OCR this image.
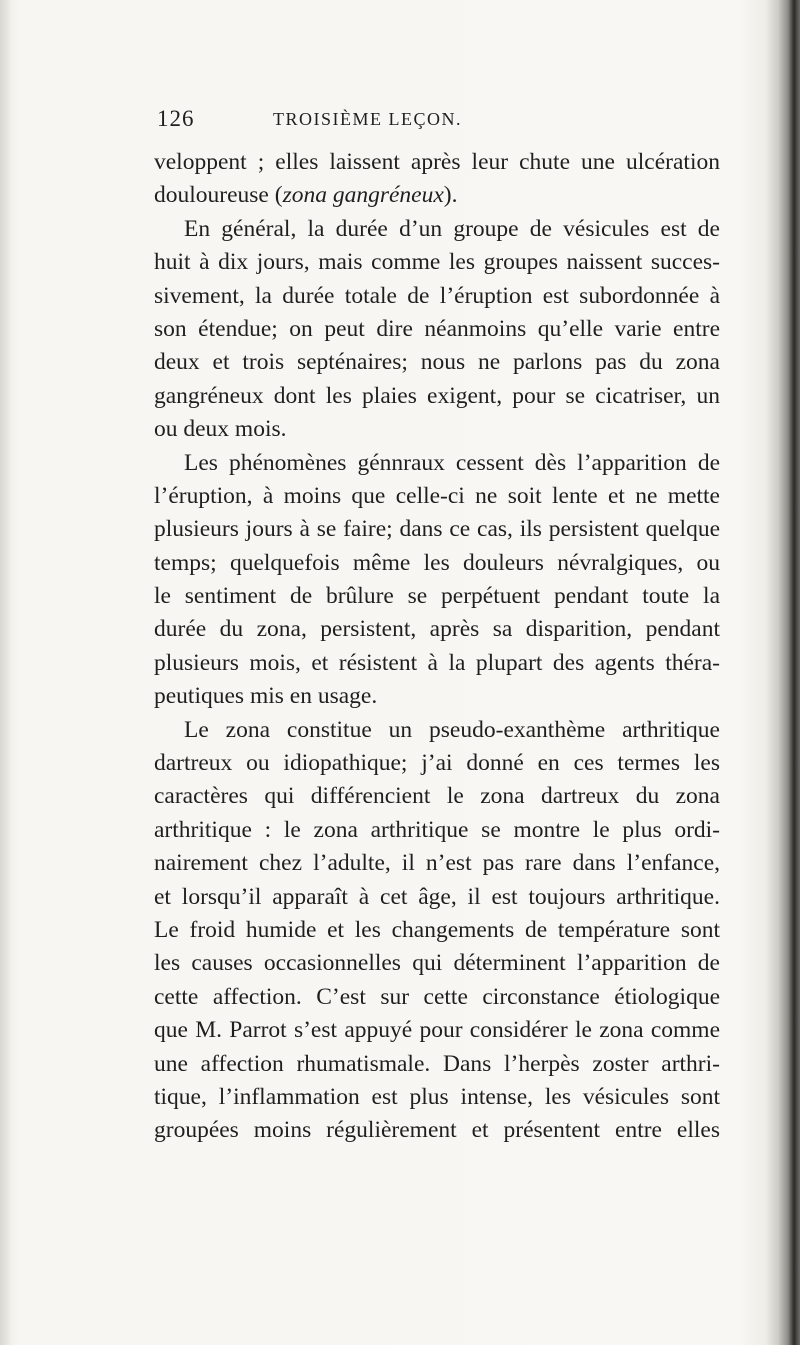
126	TROISIÈME LEÇON.
veloppent ; elles laissent après leur chute une ulcération
douloureuse (zona gangréneux).
En général, la durée d’un groupe de vésicules est de
huit à dix jours, mais comme les groupes naissent succes-
sivement, la durée totale de l’éruption est subordonnée à
son étendue; on peut dire néanmoins qu’elle varie entre
deux et trois septénaires; nous ne parlons pas du zona
gangréneux dont les plaies exigent, pour se cicatriser, un
ou deux mois.
Les phénomènes génnraux cessent dès l’apparition de
l’éruption, à moins que celle-ci ne soit lente et ne mette
plusieurs jours à se faire; dans ce cas, ils persistent quelque
temps; quelquefois même les douleurs névralgiques, ou
le sentiment de brûlure se perpétuent pendant toute la
durée du zona, persistent, après sa disparition, pendant
plusieurs mois, et résistent à la plupart des agents théra-
peutiques mis en usage.
Le zona constitue un pseudo-exanthème arthritique
dartreux ou idiopathique; j’ai donné en ces termes les
caractères qui différencient le zona dartreux du zona
arthritique : le zona arthritique se montre le plus ordi-
nairement chez l’adulte, il n’est pas rare dans l’enfance,
et lorsqu’il apparaît à cet âge, il est toujours arthritique.
Le froid humide et les changements de température sont
les causes occasionnelles qui déterminent l’apparition de
cette affection. C’est sur cette circonstance étiologique
que M. Parrot s’est appuyé pour considérer le zona comme
une affection rhumatismale. Dans l’herpès zoster arthri-
tique, l’inflammation est plus intense, les vésicules sont
groupées moins régulièrement et présentent entre elles
